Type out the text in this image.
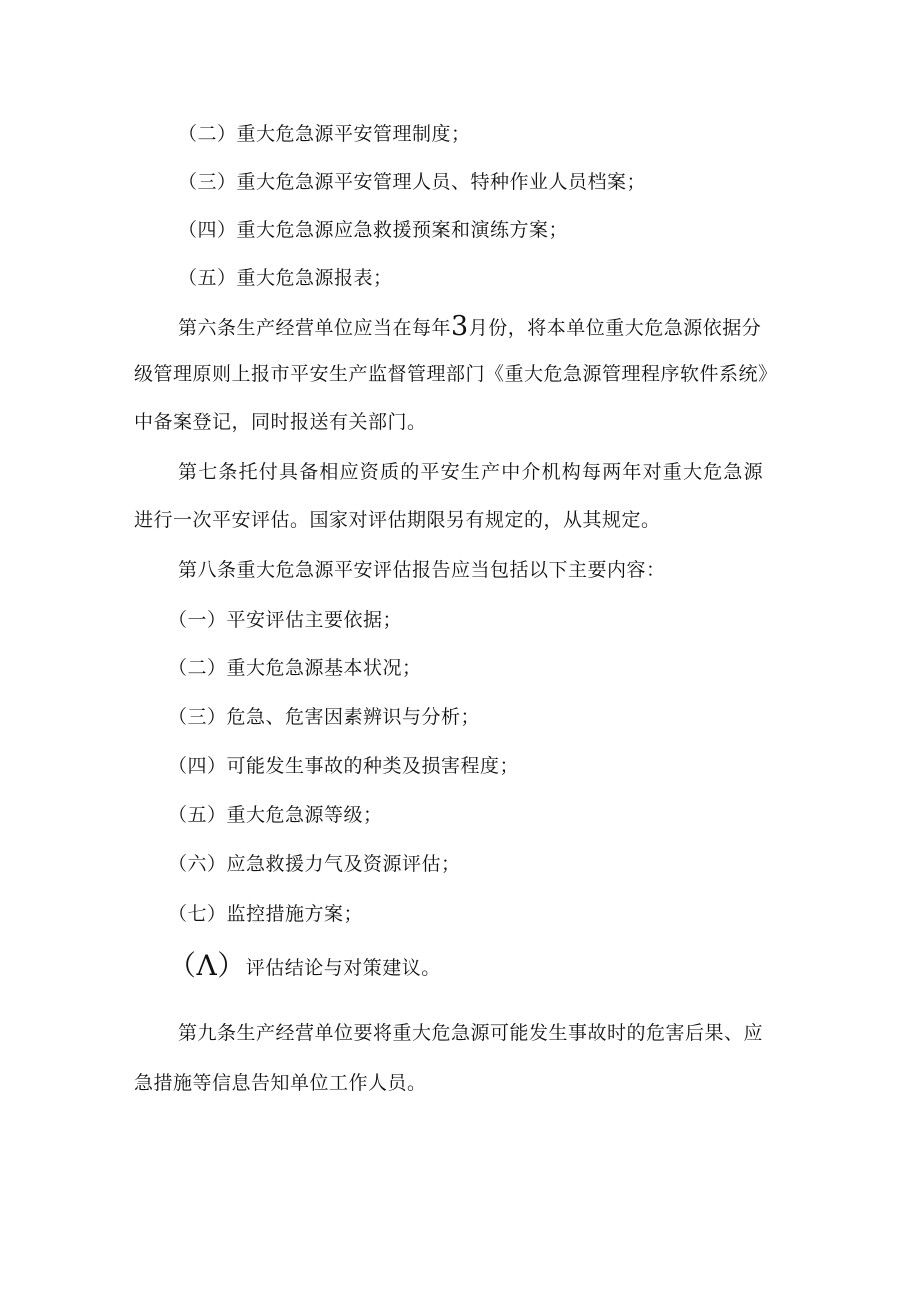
（二）重大危急源平安管理制度；
（三）重大危急源平安管理人员、特种作业人员档案；
（四）重大危急源应急救援预案和演练方案；
（五）重大危急源报表；
第六条生产经营单位应当在每年3月份，将本单位重大危急源依据分
级管理原则上报市平安生产监督管理部门《重大危急源管理程序软件系统》
中备案登记，同时报送有关部门。
第七条托付具备相应资质的平安生产中介机构每两年对重大危急源
进行一次平安评估。国家对评估期限另有规定的，从其规定。
第八条重大危急源平安评估报告应当包括以下主要内容：
（一）平安评估主要依据；
（二）重大危急源基本状况；
（三）危急、危害因素辨识与分析；
（四）可能发生事故的种类及损害程度；
（五）重大危急源等级；
（六）应急救援力气及资源评估；
（七）监控措施方案；
（Λ）评估结论与对策建议。
第九条生产经营单位要将重大危急源可能发生事故时的危害后果、应
急措施等信息告知单位工作人员。
